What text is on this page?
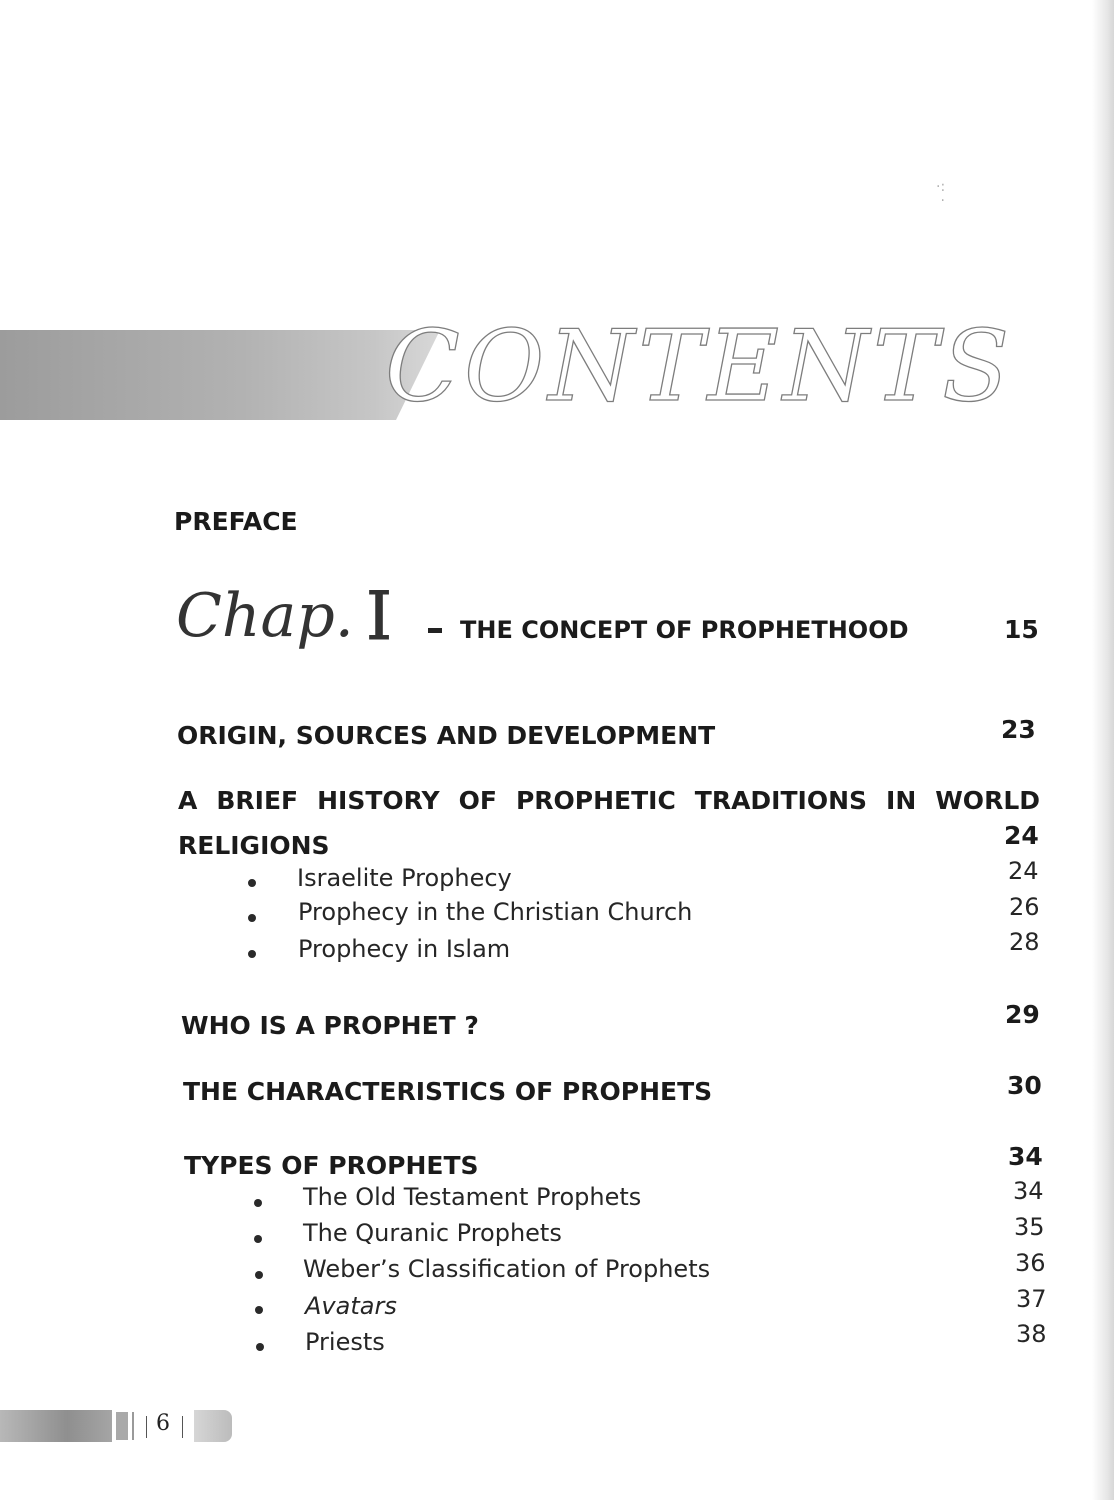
·:
·
CONTENTS
PREFACE
Chap. I	THE CONCEPT OF PROPHETHOOD	15
ORIGIN, SOURCES AND DEVELOPMENT	23
A BRIEF HISTORY OF PROPHETIC TRADITIONS IN WORLD
RELIGIONS	24
Israelite Prophecy	24
Prophecy in the Christian Church	26
Prophecy in Islam	28
WHO IS A PROPHET ?	29
THE CHARACTERISTICS OF PROPHETS	30
TYPES OF PROPHETS	34
The Old Testament Prophets	34
The Quranic Prophets	35
Weber’s Classification of Prophets	36
Avatars	37
Priests	38
6
